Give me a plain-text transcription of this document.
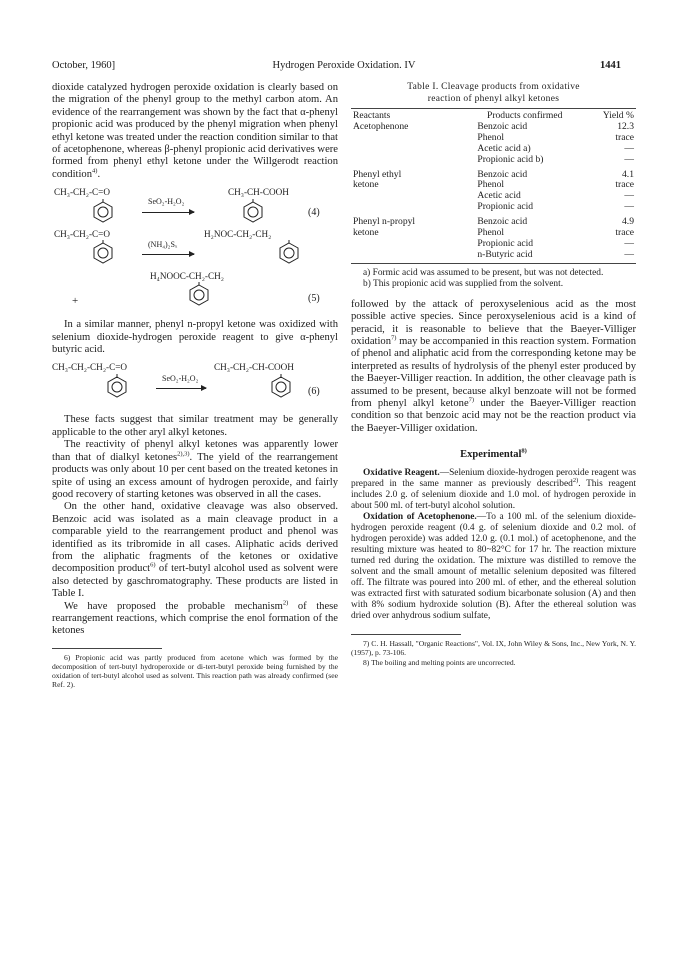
October, 1960]	Hydrogen Peroxide Oxidation. IV	1441

dioxide catalyzed hydrogen peroxide oxidation is clearly based on the migration of the phenyl group to the methyl carbon atom. An evidence of the rearrangement was shown by the fact that α-phenyl propionic acid was produced by the phenyl migration when phenyl ethyl ketone was treated under the reaction condition similar to that of acetophenone, whereas β-phenyl propionic acid derivatives were formed from phenyl ethyl ketone under the Willgerodt reaction condition$^{4)}$.

CH₃-CH₂-C=O	CH₃-CH-COOH
SeO₂-H₂O₂
(4)
CH₃-CH₂-C=O	H₂NOC-CH₂-CH₂
(NH₄)₂Sₓ
H₄NOOC-CH₂-CH₂
+	(5)

In a similar manner, phenyl n-propyl ketone was oxidized with selenium dioxide-hydrogen peroxide reagent to give α-phenyl butyric acid.

CH₃-CH₂-CH₂-C=O	CH₃-CH₂-CH-COOH
SeO₂-H₂O₂
(6)

These facts suggest that similar treatment may be generally applicable to the other aryl alkyl ketones.

The reactivity of phenyl alkyl ketones was apparently lower than that of dialkyl ketones$^{2),3)}$. The yield of the rearrangement products was only about 10 per cent based on the treated ketones in spite of using an excess amount of hydrogen peroxide, and fairly good recovery of starting ketones was observed in all the cases.

On the other hand, oxidative cleavage was also observed. Benzoic acid was isolated as a main cleavage product in a comparable yield to the rearrangement product and phenol was identified as its tribromide in all cases. Aliphatic acids derived from the aliphatic fragments of the ketones or oxidative decomposition product$^{6)}$ of tert-butyl alcohol used as solvent were also detected by gaschromatography. These products are listed in Table I.

We have proposed the probable mechanism$^{2)}$ of these rearrangement reactions, which comprise the enol formation of the ketones

6) Propionic acid was partly produced from acetone which was formed by the decomposition of tert-butyl hydroperoxide or di-tert-butyl peroxide being furnished by the oxidation of tert-butyl alcohol used as solvent. This reaction path was already confirmed (see Ref. 2).

Table I. Cleavage products from oxidative
reaction of phenyl alkyl ketones
Reactants	Products confirmed	Yield %
Acetophenone	Benzoic acid	12.3
	Phenol	trace
	Acetic acid a)	—
	Propionic acid b)	—

Phenyl ethyl	Benzoic acid	4.1
ketone	Phenol	trace
	Acetic acid	—
	Propionic acid	—

Phenyl n-propyl	Benzoic acid	4.9
ketone	Phenol	trace
	Propionic acid	—
	n-Butyric acid	—

a) Formic acid was assumed to be present, but was not detected.

b) This propionic acid was supplied from the solvent.

followed by the attack of peroxyselenious acid as the most possible active species. Since peroxyselenious acid is a kind of peracid, it is reasonable to believe that the Baeyer-Villiger oxidation$^{7)}$ may be accompanied in this reaction system. Formation of phenol and aliphatic acid from the corresponding ketone may be interpreted as results of hydrolysis of the phenyl ester produced by the Baeyer-Villiger reaction. In addition, the other cleavage path is assumed to be present, because alkyl benzoate will not be formed from phenyl alkyl ketone$^{7)}$ under the Baeyer-Villiger reaction condition so that benzoic acid may not be the reaction product via the Baeyer-Villiger oxidation.

Experimental$^{8)}$

Oxidative Reagent.—Selenium dioxide-hydrogen peroxide reagent was prepared in the same manner as previously described$^{2)}$. This reagent includes 2.0 g. of selenium dioxide and 1.0 mol. of hydrogen peroxide in about 500 ml. of tert-butyl alcohol solution.

Oxidation of Acetophenone.—To a 100 ml. of the selenium dioxide-hydrogen peroxide reagent (0.4 g. of selenium dioxide and 0.2 mol. of hydrogen peroxide) was added 12.0 g. (0.1 mol.) of acetophenone, and the resulting mixture was heated to 80~82°C for 17 hr. The reaction mixture turned red during the oxidation. The mixture was distilled to remove the solvent and the small amount of metallic selenium deposited was filtered off. The filtrate was poured into 200 ml. of ether, and the ethereal solution was extracted first with saturated sodium bicarbonate solusion (A) and then with 8% sodium hydroxide solution (B). After the ethereal solution was dried over anhydrous sodium sulfate,

7) C. H. Hassall, "Organic Reactions", Vol. IX, John Wiley & Sons, Inc., New York, N. Y. (1957), p. 73-106.

8) The boiling and melting points are uncorrected.
